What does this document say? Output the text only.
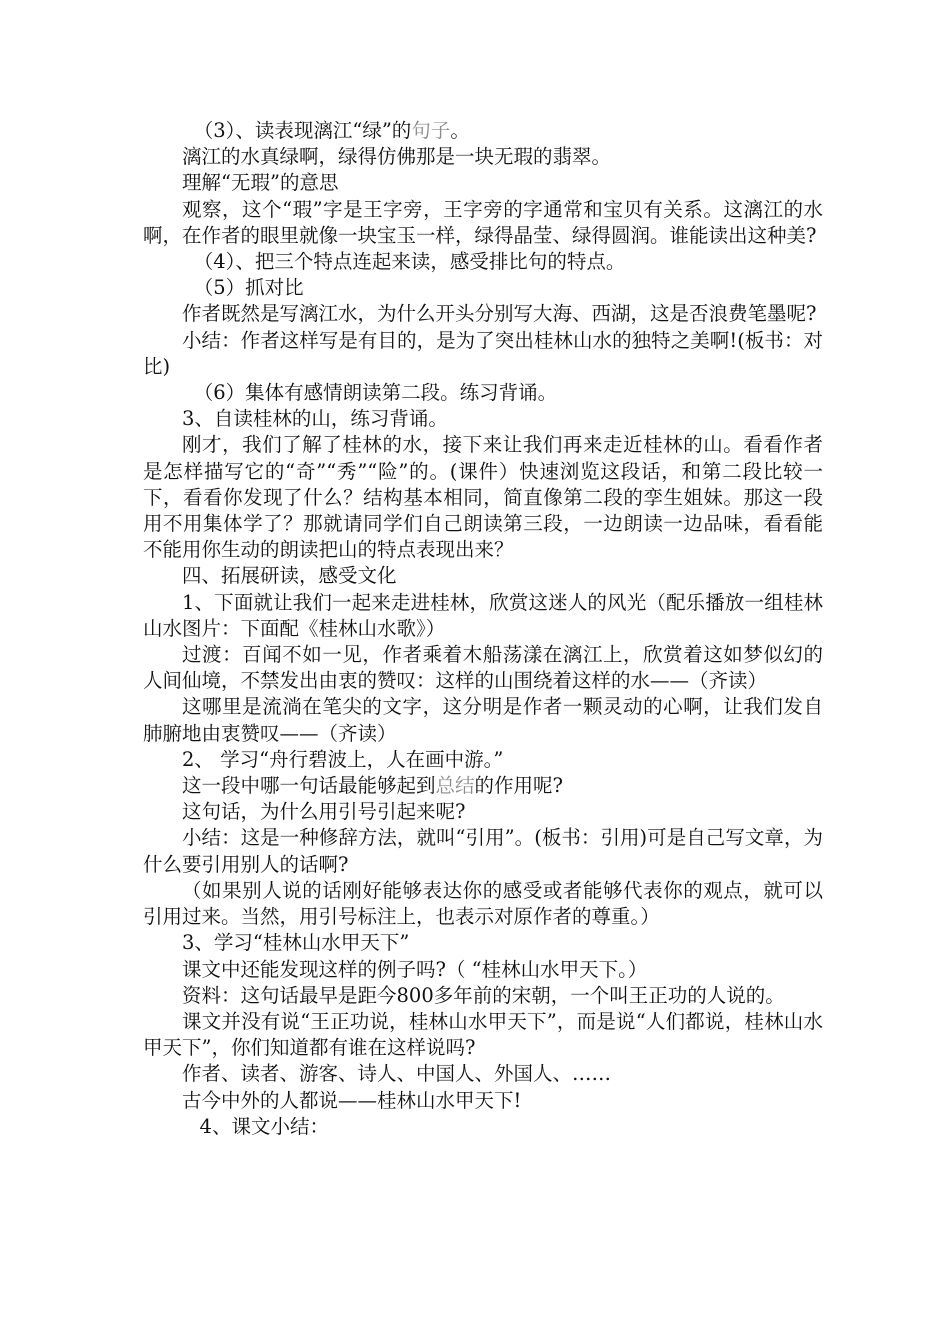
（3）、读表现漓江“绿”的句子。

漓江的水真绿啊，绿得仿佛那是一块无瑕的翡翠。

理解“无瑕”的意思

观察，这个“瑕”字是王字旁，王字旁的字通常和宝贝有关系。这漓江的水啊，在作者的眼里就像一块宝玉一样，绿得晶莹、绿得圆润。谁能读出这种美?

（4）、把三个特点连起来读，感受排比句的特点。

（5）抓对比

作者既然是写漓江水，为什么开头分别写大海、西湖，这是否浪费笔墨呢?

小结：作者这样写是有目的，是为了突出桂林山水的独特之美啊!(板书：对比)

（6）集体有感情朗读第二段。练习背诵。

3、自读桂林的山，练习背诵。

刚才，我们了解了桂林的水，接下来让我们再来走近桂林的山。看看作者是怎样描写它的“奇”“秀”“险”的。(课件）快速浏览这段话，和第二段比较一下，看看你发现了什么？结构基本相同，简直像第二段的孪生姐妹。那这一段用不用集体学了？那就请同学们自己朗读第三段，一边朗读一边品味，看看能不能用你生动的朗读把山的特点表现出来？

四、拓展研读，感受文化

1、下面就让我们一起来走进桂林，欣赏这迷人的风光（配乐播放一组桂林山水图片：下面配《桂林山水歌》）

过渡：百闻不如一见，作者乘着木船荡漾在漓江上，欣赏着这如梦似幻的人间仙境，不禁发出由衷的赞叹：这样的山围绕着这样的水——（齐读）

这哪里是流淌在笔尖的文字，这分明是作者一颗灵动的心啊，让我们发自肺腑地由衷赞叹——（齐读）

2、 学习“舟行碧波上，人在画中游。”

这一段中哪一句话最能够起到总结的作用呢?

这句话，为什么用引号引起来呢?

小结：这是一种修辞方法，就叫“引用”。(板书：引用)可是自己写文章，为什么要引用别人的话啊?

（如果别人说的话刚好能够表达你的感受或者能够代表你的观点，就可以引用过来。当然，用引号标注上，也表示对原作者的尊重。）

3、学习“桂林山水甲天下”

课文中还能发现这样的例子吗?（ “桂林山水甲天下。）

资料：这句话最早是距今800多年前的宋朝，一个叫王正功的人说的。

课文并没有说“王正功说，桂林山水甲天下”，而是说“人们都说，桂林山水甲天下”，你们知道都有谁在这样说吗?

作者、读者、游客、诗人、中国人、外国人、……

古今中外的人都说——桂林山水甲天下!

4、课文小结：
